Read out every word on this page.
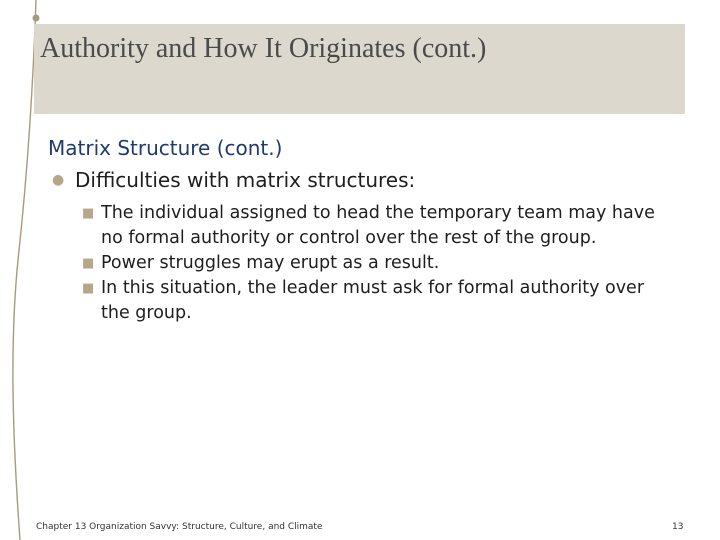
Authority and How It Originates (cont.)
Matrix Structure (cont.)
● Difficulties with matrix structures:
■ The individual assigned to head the temporary team may have no formal authority or control over the rest of the group.
■ Power struggles may erupt as a result.
■ In this situation, the leader must ask for formal authority over the group.
Chapter 13 Organization Savvy: Structure, Culture, and Climate	13
